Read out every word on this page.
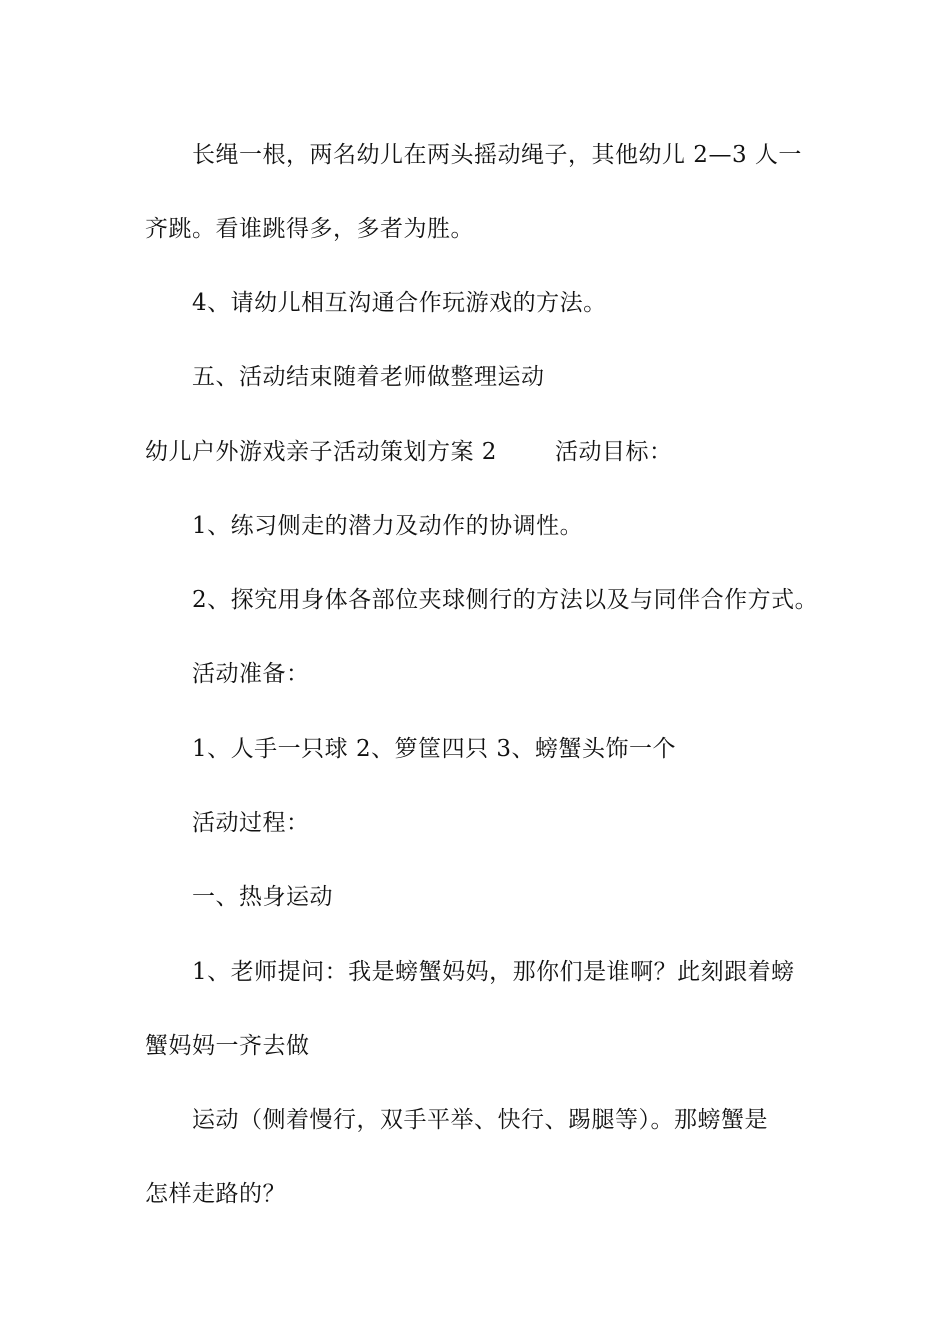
长绳一根，两名幼儿在两头摇动绳子，其他幼儿 2—3 人一
齐跳。看谁跳得多，多者为胜。
4、请幼儿相互沟通合作玩游戏的方法。
五、活动结束随着老师做整理运动
幼儿户外游戏亲子活动策划方案 2	活动目标：
1、练习侧走的潜力及动作的协调性。
2、探究用身体各部位夹球侧行的方法以及与同伴合作方式。
活动准备：
1、人手一只球 2、箩筐四只 3、螃蟹头饰一个
活动过程：
一、热身运动
1、老师提问：我是螃蟹妈妈，那你们是谁啊？此刻跟着螃
蟹妈妈一齐去做
运动（侧着慢行，双手平举、快行、踢腿等）。那螃蟹是
怎样走路的？
